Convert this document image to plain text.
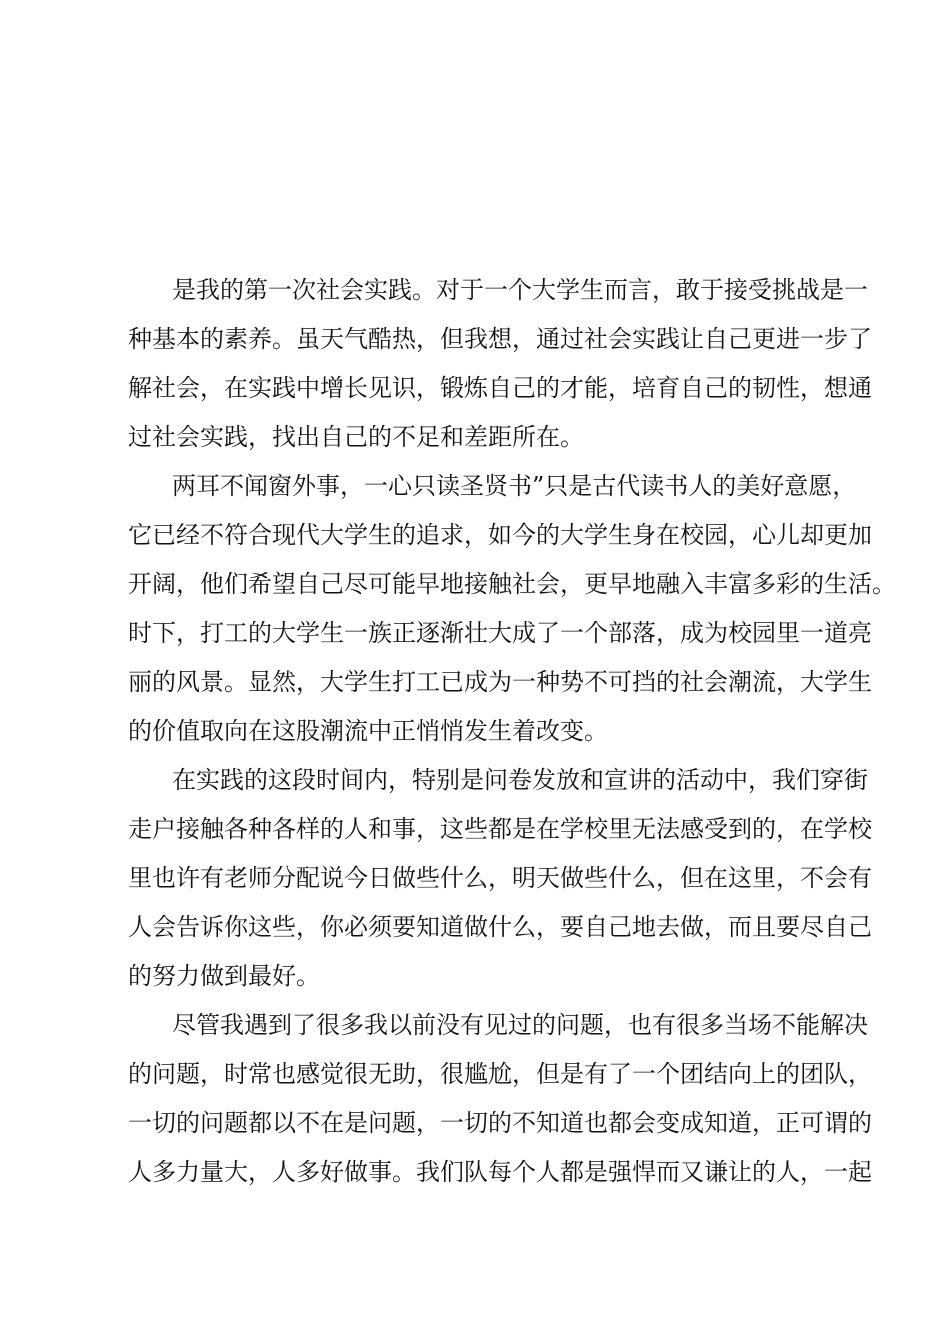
是我的第一次社会实践。对于一个大学生而言，敢于接受挑战是一
种基本的素养。虽天气酷热，但我想，通过社会实践让自己更进一步了
解社会，在实践中增长见识，锻炼自己的才能，培育自己的韧性，想通
过社会实践，找出自己的不足和差距所在。

两耳不闻窗外事，一心只读圣贤书”只是古代读书人的美好意愿，
它已经不符合现代大学生的追求，如今的大学生身在校园，心儿却更加
开阔，他们希望自己尽可能早地接触社会，更早地融入丰富多彩的生活。
时下，打工的大学生一族正逐渐壮大成了一个部落，成为校园里一道亮
丽的风景。显然，大学生打工已成为一种势不可挡的社会潮流，大学生
的价值取向在这股潮流中正悄悄发生着改变。

在实践的这段时间内，特别是问卷发放和宣讲的活动中，我们穿街
走户接触各种各样的人和事，这些都是在学校里无法感受到的，在学校
里也许有老师分配说今日做些什么，明天做些什么，但在这里，不会有
人会告诉你这些，你必须要知道做什么，要自己地去做，而且要尽自己
的努力做到最好。

尽管我遇到了很多我以前没有见过的问题，也有很多当场不能解决
的问题，时常也感觉很无助，很尴尬，但是有了一个团结向上的团队，
一切的问题都以不在是问题，一切的不知道也都会变成知道，正可谓的
人多力量大，人多好做事。我们队每个人都是强悍而又谦让的人，一起
